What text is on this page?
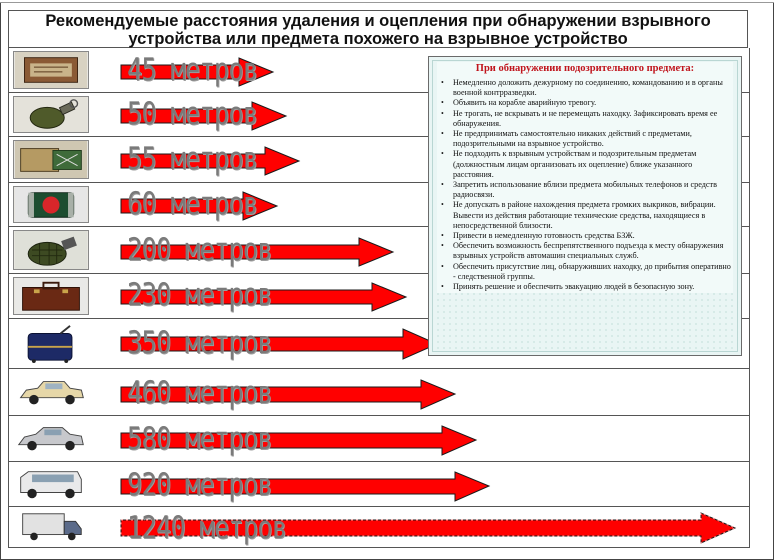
Рекомендуемые расстояния удаления и оцепления при обнаружении взрывного
устройства или предмета похожего на взрывное устройство
45 метров
50 метров
55 метров
60 метров
200 метров
230 метров
350 метров
460 метров
580 метров
920 метров
1240 метров
При обнаружении подозрительного предмета:
• Немедленно доложить дежурному по соединению, командованию и в органы военной контрразведки.
• Объявить на корабле аварийную тревогу.
• Не трогать, не вскрывать и не перемещать находку. Зафиксировать время ее обнаружения.
• Не предпринимать самостоятельно никаких действий с предметами, подозрительными на взрывное устройство.
• Не подходить к взрывным устройствам и подозрительным предметам (должностным лицам организовать их оцепление) ближе указанного расстояния.
• Запретить использование вблизи предмета мобильных телефонов и средств радиосвязи.
• Не допускать в районе нахождения предмета громких выкриков, вибрации. Вывести из действия работающие технические средства, находящиеся в непосредственной близости.
• Привести в немедленную готовность средства БЗЖ.
• Обеспечить возможность беспрепятственного подъезда к месту обнаружения взрывных устройств автомашин специальных служб.
• Обеспечить присутствие лиц, обнаруживших находку, до прибытия оперативно - следственной группы.
• Принять решение и обеспечить эвакуацию людей в безопасную зону.
